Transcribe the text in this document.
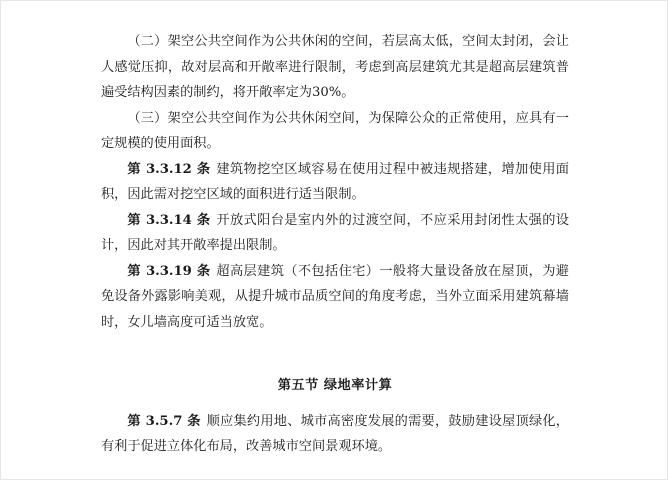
（二）架空公共空间作为公共休闲的空间，若层高太低，空间太封闭，会让人感觉压抑，故对层高和开敞率进行限制，考虑到高层建筑尤其是超高层建筑普遍受结构因素的制约，将开敞率定为30%。

（三）架空公共空间作为公共休闲空间，为保障公众的正常使用，应具有一定规模的使用面积。

第 3.3.12 条 建筑物挖空区域容易在使用过程中被违规搭建，增加使用面积，因此需对挖空区域的面积进行适当限制。

第 3.3.14 条 开放式阳台是室内外的过渡空间，不应采用封闭性太强的设计，因此对其开敞率提出限制。

第 3.3.19 条 超高层建筑（不包括住宅）一般将大量设备放在屋顶，为避免设备外露影响美观，从提升城市品质空间的角度考虑，当外立面采用建筑幕墙时，女儿墙高度可适当放宽。

第五节 绿地率计算

第 3.5.7 条 顺应集约用地、城市高密度发展的需要，鼓励建设屋顶绿化，有利于促进立体化布局，改善城市空间景观环境。
